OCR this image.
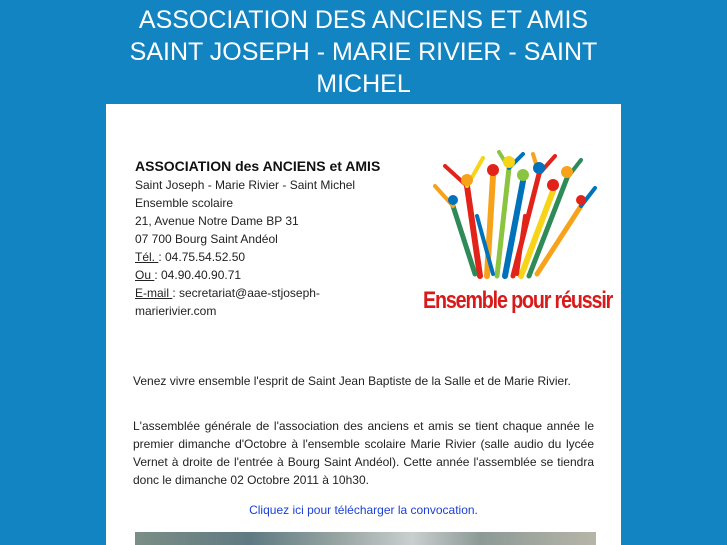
ASSOCIATION DES ANCIENS ET AMIS SAINT JOSEPH - MARIE RIVIER - SAINT MICHEL
ASSOCIATION des ANCIENS et AMIS
Saint Joseph - Marie Rivier - Saint Michel
Ensemble scolaire
21, Avenue Notre Dame BP 31
07 700 Bourg Saint Andéol
Tél. : 04.75.54.52.50
Ou : 04.90.40.90.71
E-mail : secretariat@aae-stjoseph-marierivier.com	Ensemble pour réussir

Venez vivre ensemble l'esprit de Saint Jean Baptiste de la Salle et de Marie Rivier.

L'assemblée générale de l'association des anciens et amis se tient chaque année le premier dimanche d'Octobre à l'ensemble scolaire Marie Rivier (salle audio du lycée Vernet à droite de l'entrée à Bourg Saint Andéol). Cette année l'assemblée se tiendra donc le dimanche 02 Octobre 2011 à 10h30.

Cliquez ici pour télécharger la convocation.
